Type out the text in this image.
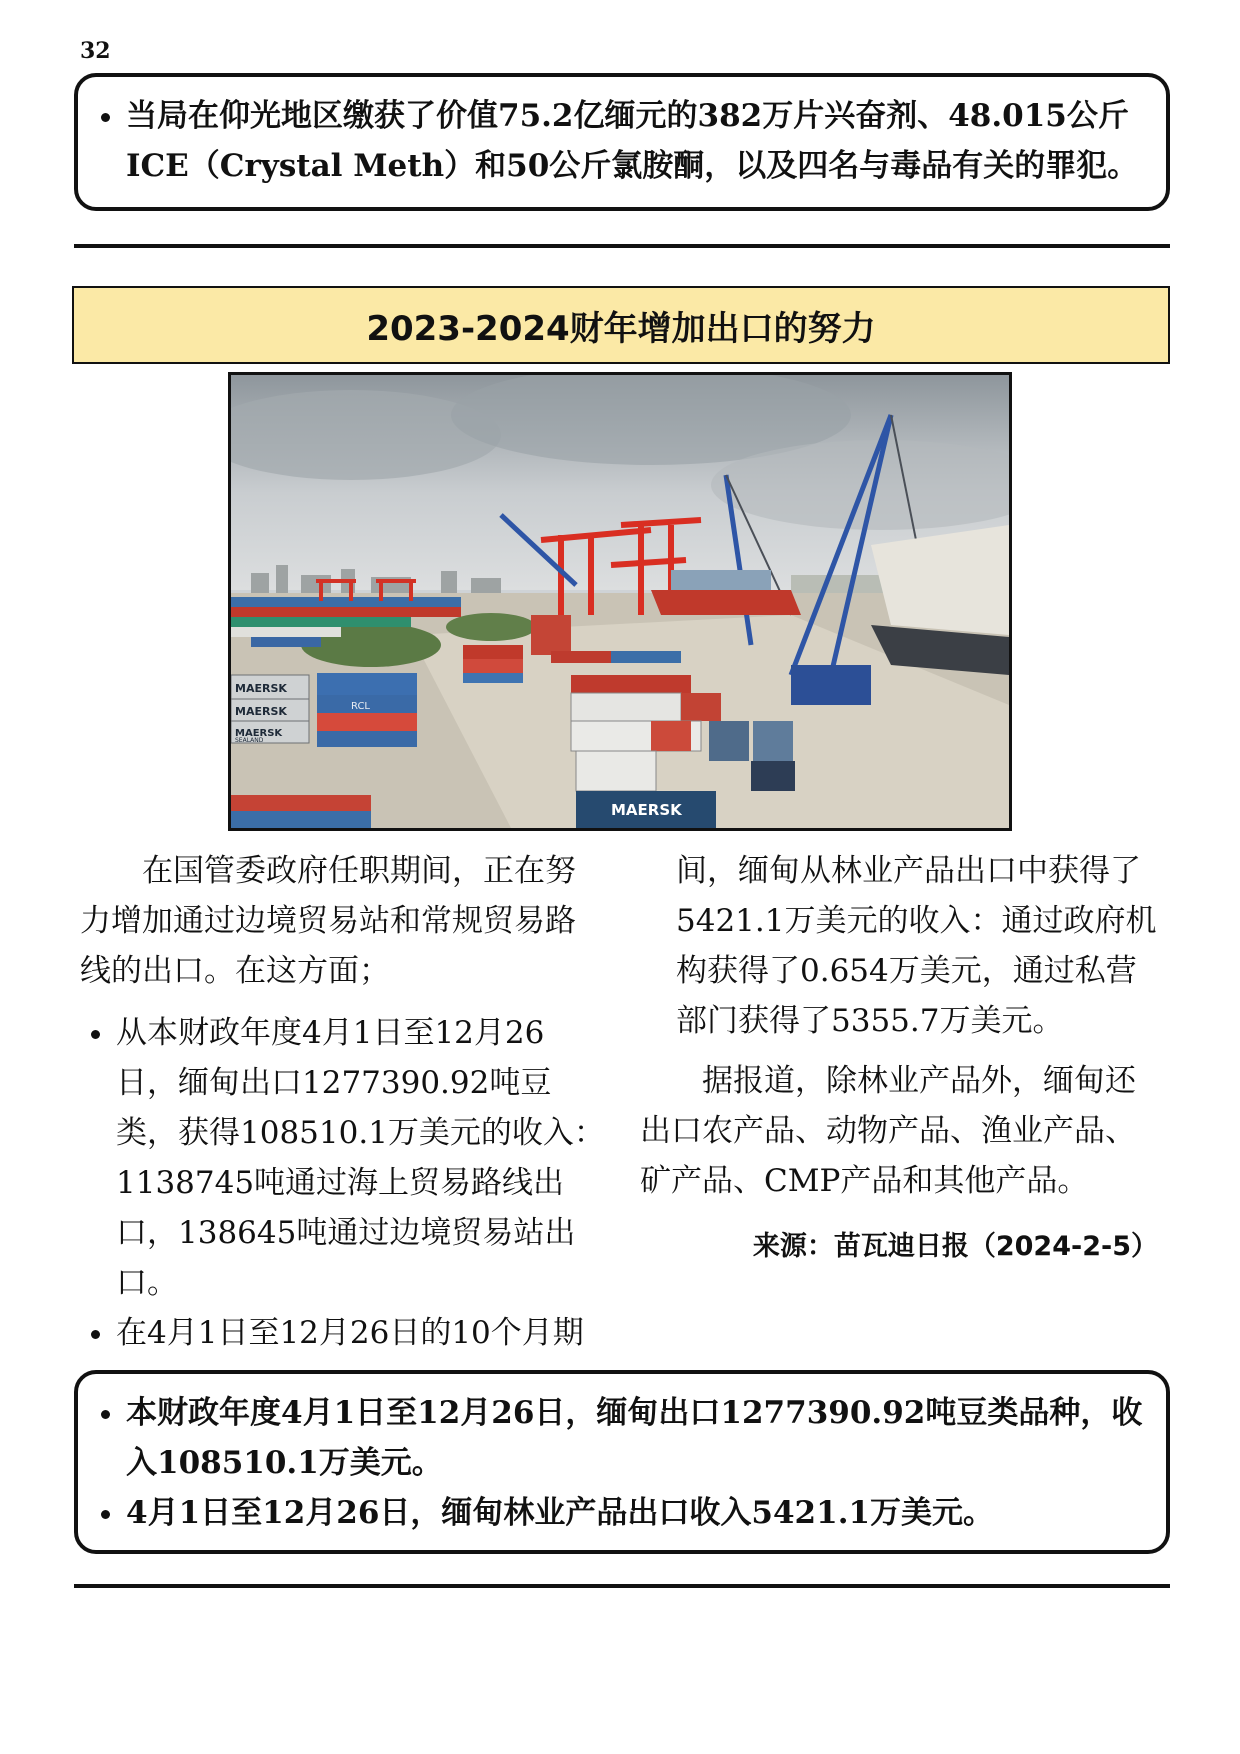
32
• 当局在仰光地区缴获了价值75.2亿缅元的382万片兴奋剂、48.015公斤ICE（Crystal Meth）和50公斤氯胺酮，以及四名与毒品有关的罪犯。
2023-2024财年增加出口的努力
MAERSK
MAERSK
MAERSK
SEALAND
RCL
MAERSK

在国管委政府任职期间，正在努力增加通过边境贸易站和常规贸易路线的出口。在这方面；

• 从本财政年度4月1日至12月26日，缅甸出口1277390.92吨豆类，获得108510.1万美元的收入：1138745吨通过海上贸易路线出口，138645吨通过边境贸易站出口。
• 在4月1日至12月26日的10个月期

间，缅甸从林业产品出口中获得了5421.1万美元的收入：通过政府机构获得了0.654万美元，通过私营部门获得了5355.7万美元。

据报道，除林业产品外，缅甸还出口农产品、动物产品、渔业产品、矿产品、CMP产品和其他产品。

来源：苗瓦迪日报（2024-2-5）
• 本财政年度4月1日至12月26日，缅甸出口1277390.92吨豆类品种，收入108510.1万美元。
• 4月1日至12月26日，缅甸林业产品出口收入5421.1万美元。
